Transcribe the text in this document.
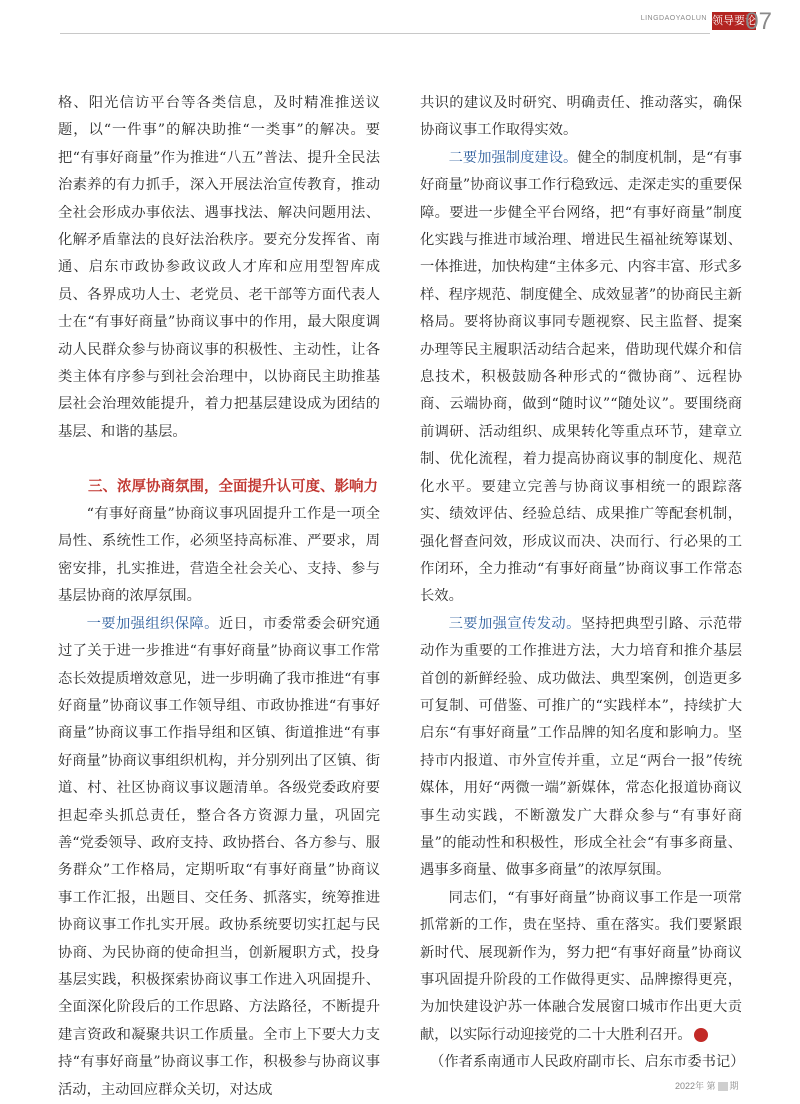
LINGDAOYAOLUN 领导要论
07

格、阳光信访平台等各类信息，及时精准推送议题，以“一件事”的解决助推“一类事”的解决。要把“有事好商量”作为推进“八五”普法、提升全民法治素养的有力抓手，深入开展法治宣传教育，推动全社会形成办事依法、遇事找法、解决问题用法、化解矛盾靠法的良好法治秩序。要充分发挥省、南通、启东市政协参政议政人才库和应用型智库成员、各界成功人士、老党员、老干部等方面代表人士在“有事好商量”协商议事中的作用，最大限度调动人民群众参与协商议事的积极性、主动性，让各类主体有序参与到社会治理中，以协商民主助推基层社会治理效能提升，着力把基层建设成为团结的基层、和谐的基层。

三、浓厚协商氛围，全面提升认可度、影响力

“有事好商量”协商议事巩固提升工作是一项全局性、系统性工作，必须坚持高标准、严要求，周密安排，扎实推进，营造全社会关心、支持、参与基层协商的浓厚氛围。

一要加强组织保障。近日，市委常委会研究通过了关于进一步推进“有事好商量”协商议事工作常态长效提质增效意见，进一步明确了我市推进“有事好商量”协商议事工作领导组、市政协推进“有事好商量”协商议事工作指导组和区镇、街道推进“有事好商量”协商议事组织机构，并分别列出了区镇、街道、村、社区协商议事议题清单。各级党委政府要担起牵头抓总责任，整合各方资源力量，巩固完善“党委领导、政府支持、政协搭台、各方参与、服务群众”工作格局，定期听取“有事好商量”协商议事工作汇报，出题目、交任务、抓落实，统筹推进协商议事工作扎实开展。政协系统要切实扛起与民协商、为民协商的使命担当，创新履职方式，投身基层实践，积极探索协商议事工作进入巩固提升、全面深化阶段后的工作思路、方法路径，不断提升建言资政和凝聚共识工作质量。全市上下要大力支持“有事好商量”协商议事工作，积极参与协商议事活动，主动回应群众关切，对达成

共识的建议及时研究、明确责任、推动落实，确保协商议事工作取得实效。

二要加强制度建设。健全的制度机制，是“有事好商量”协商议事工作行稳致远、走深走实的重要保障。要进一步健全平台网络，把“有事好商量”制度化实践与推进市域治理、增进民生福祉统筹谋划、一体推进，加快构建“主体多元、内容丰富、形式多样、程序规范、制度健全、成效显著”的协商民主新格局。要将协商议事同专题视察、民主监督、提案办理等民主履职活动结合起来，借助现代媒介和信息技术，积极鼓励各种形式的“微协商”、远程协商、云端协商，做到“随时议”“随处议”。要围绕商前调研、活动组织、成果转化等重点环节，建章立制、优化流程，着力提高协商议事的制度化、规范化水平。要建立完善与协商议事相统一的跟踪落实、绩效评估、经验总结、成果推广等配套机制，强化督查问效，形成议而决、决而行、行必果的工作闭环，全力推动“有事好商量”协商议事工作常态长效。

三要加强宣传发动。坚持把典型引路、示范带动作为重要的工作推进方法，大力培育和推介基层首创的新鲜经验、成功做法、典型案例，创造更多可复制、可借鉴、可推广的“实践样本”，持续扩大启东“有事好商量”工作品牌的知名度和影响力。坚持市内报道、市外宣传并重，立足“两台一报”传统媒体，用好“两微一端”新媒体，常态化报道协商议事生动实践，不断激发广大群众参与“有事好商量”的能动性和积极性，形成全社会“有事多商量、遇事多商量、做事多商量”的浓厚氛围。

同志们，“有事好商量”协商议事工作是一项常抓常新的工作，贵在坚持、重在落实。我们要紧跟新时代、展现新作为，努力把“有事好商量”协商议事巩固提升阶段的工作做得更实、品牌擦得更亮，为加快建设沪苏一体融合发展窗口城市作出更大贡献，以实际行动迎接党的二十大胜利召开。	党

（作者系南通市人民政府副市长、启东市委书记）

2022年 第 期
